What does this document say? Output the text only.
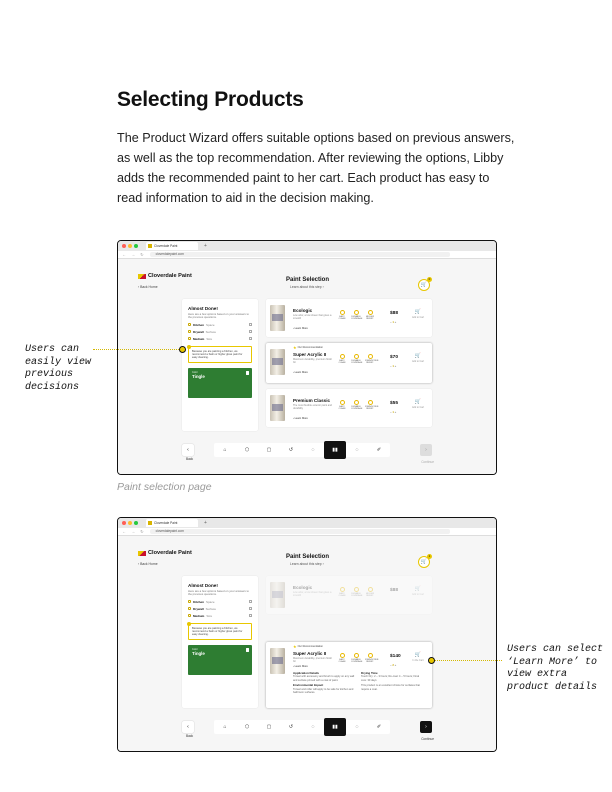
Selecting Products

The Product Wizard offers suitable options based on previous answers, as well as the top recommendation. After reviewing the options, Libby adds the recommended paint to her cart. Each product has easy to read information to aid in the decision making.

Cloverdale Paint	+
← → ↻	cloverdalepaint.com
Cloverdale Paint
‹ Back Home
Paint Selection
Learn about this step ›	🛒
0
Almost Done!
Here are a few options based on your answers to the previous questions.
Kitchen Space
Drywall Surface
Medium Size
Because you are painting a Kitchen, we recommend a Satin or higher gloss paint for easy cleaning.
Color
Tingle
Ecologic
Low odor, a low sheen that gives a smooth
› Learn More
EASY CLEAN
DURABLE COVERAGE
MILDEW RESIST.
$88
– 1 +
🛒
Add to Cart
★ Our Recommendation
Super Acrylic II
Maximum durability, premium finish for
› Learn More
EASY CLEAN
DURABLE COVERAGE
STAIN/SCRUB RESIST.
$70
– 1 +
🛒
Add to Cart
Premium Classic
The most flexible exterior paint and durability
› Learn More
EASY CLEAN
DURABLE COVERAGE
STAIN/SCRUB RESIST.
$55
– 1 +
🛒
Add to Cart
‹
Back
⌂	⬡	▢	↺	◌	▮▮	◌	✐	›
Continue
Paint selection page
Cloverdale Paint	+
← → ↻	cloverdalepaint.com
Cloverdale Paint
‹ Back Home
Paint Selection
Learn about this step ›	🛒
1
Almost Done!
Here are a few options based on your answers to the previous questions.
Kitchen Space
Drywall Surface
Medium Size
Because you are painting a Kitchen, we recommend a Satin or higher gloss paint for easy cleaning.
Color
Tingle
Ecologic
Low odor, a low sheen that gives a smooth	EASY CLEAN
DURABLE COVERAGE
MILDEW RESIST.
$88	🛒
Add to Cart
★ Our Recommendation
Super Acrylic II
Maximum durability, premium finish for
› Learn More
EASY CLEAN
DURABLE COVERAGE
STAIN/SCRUB RESIST.
$140
– 2 +
🛒
In the Cart
Application Details
Trowel with accessory and brush to apply on any wall and surface primed with a coat of paint.
Environmental Impact
Trowel and roller will apply to be safe for kitchen and bathroom surfaces.
Drying Time
Touch Dry: 2 – 3 hours; Re-coat: 4 – 5 hours; Final cure: 30 days
This product is an excellent choice for surfaces that require a coat.
‹
Back
⌂	⬡	▢	↺	◌	▮▮	◌	✐	›
Continue
Users can easily view previous decisions
Users can select ‘Learn More’ to view extra product details
